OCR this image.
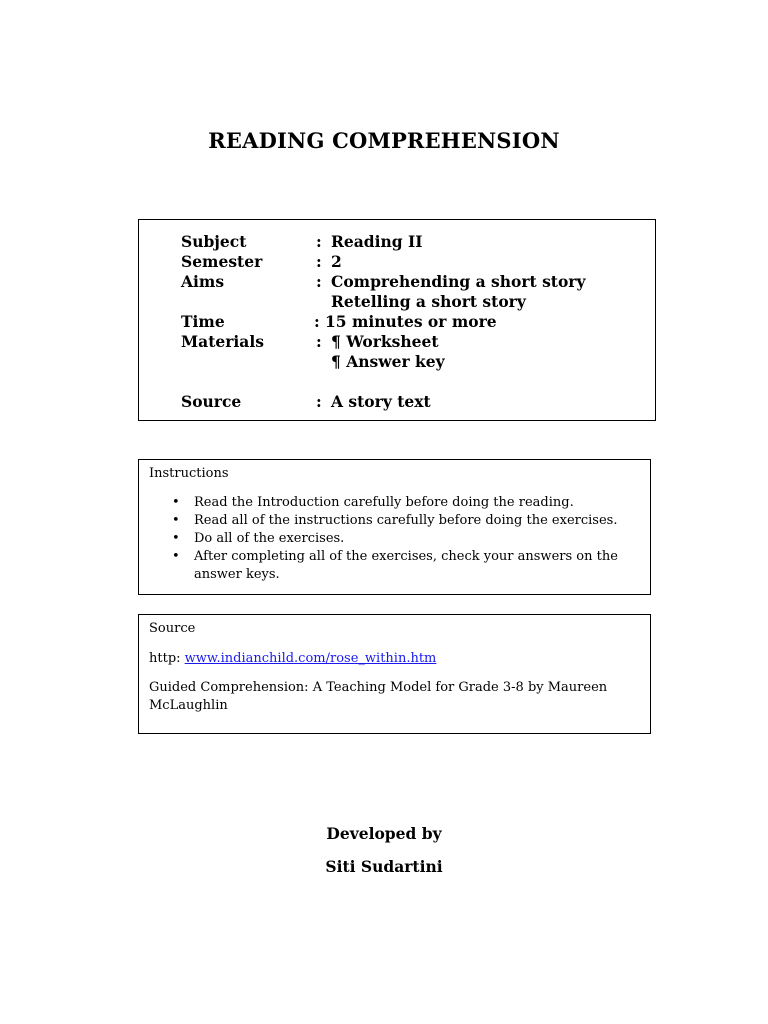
READING COMPREHENSION
Subject	: Reading II
Semester	: 2
Aims	: Comprehending a short story
Retelling a short story
Time	: 15 minutes or more
Materials	: ¶ Worksheet
¶ Answer key
Source	: A story text
Instructions
• Read the Introduction carefully before doing the reading.
• Read all of the instructions carefully before doing the exercises.
• Do all of the exercises.
• After completing all of the exercises, check your answers on the answer keys.
Source
http: www.indianchild.com/rose_within.htm
Guided Comprehension: A Teaching Model for Grade 3-8 by Maureen McLaughlin
Developed by
Siti Sudartini
